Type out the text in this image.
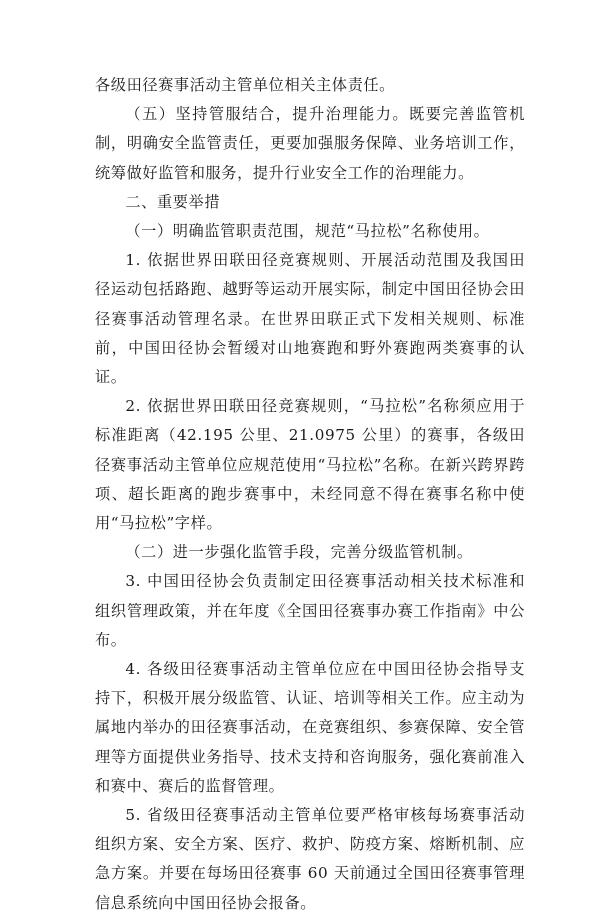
各级田径赛事活动主管单位相关主体责任。

（五）坚持管服结合，提升治理能力。既要完善监管机制，明确安全监管责任，更要加强服务保障、业务培训工作，统筹做好监管和服务，提升行业安全工作的治理能力。

二、重要举措

（一）明确监管职责范围，规范“马拉松”名称使用。

1. 依据世界田联田径竞赛规则、开展活动范围及我国田径运动包括路跑、越野等运动开展实际，制定中国田径协会田径赛事活动管理名录。在世界田联正式下发相关规则、标准前，中国田径协会暂缓对山地赛跑和野外赛跑两类赛事的认证。

2. 依据世界田联田径竞赛规则，“马拉松”名称须应用于标准距离（42.195 公里、21.0975 公里）的赛事，各级田径赛事活动主管单位应规范使用“马拉松”名称。在新兴跨界跨项、超长距离的跑步赛事中，未经同意不得在赛事名称中使用“马拉松”字样。

（二）进一步强化监管手段，完善分级监管机制。

3. 中国田径协会负责制定田径赛事活动相关技术标准和组织管理政策，并在年度《全国田径赛事办赛工作指南》中公布。

4. 各级田径赛事活动主管单位应在中国田径协会指导支持下，积极开展分级监管、认证、培训等相关工作。应主动为属地内举办的田径赛事活动，在竞赛组织、参赛保障、安全管理等方面提供业务指导、技术支持和咨询服务，强化赛前准入和赛中、赛后的监督管理。

5. 省级田径赛事活动主管单位要严格审核每场赛事活动组织方案、安全方案、医疗、救护、防疫方案、熔断机制、应急方案。并要在每场田径赛事 60 天前通过全国田径赛事管理信息系统向中国田径协会报备。
